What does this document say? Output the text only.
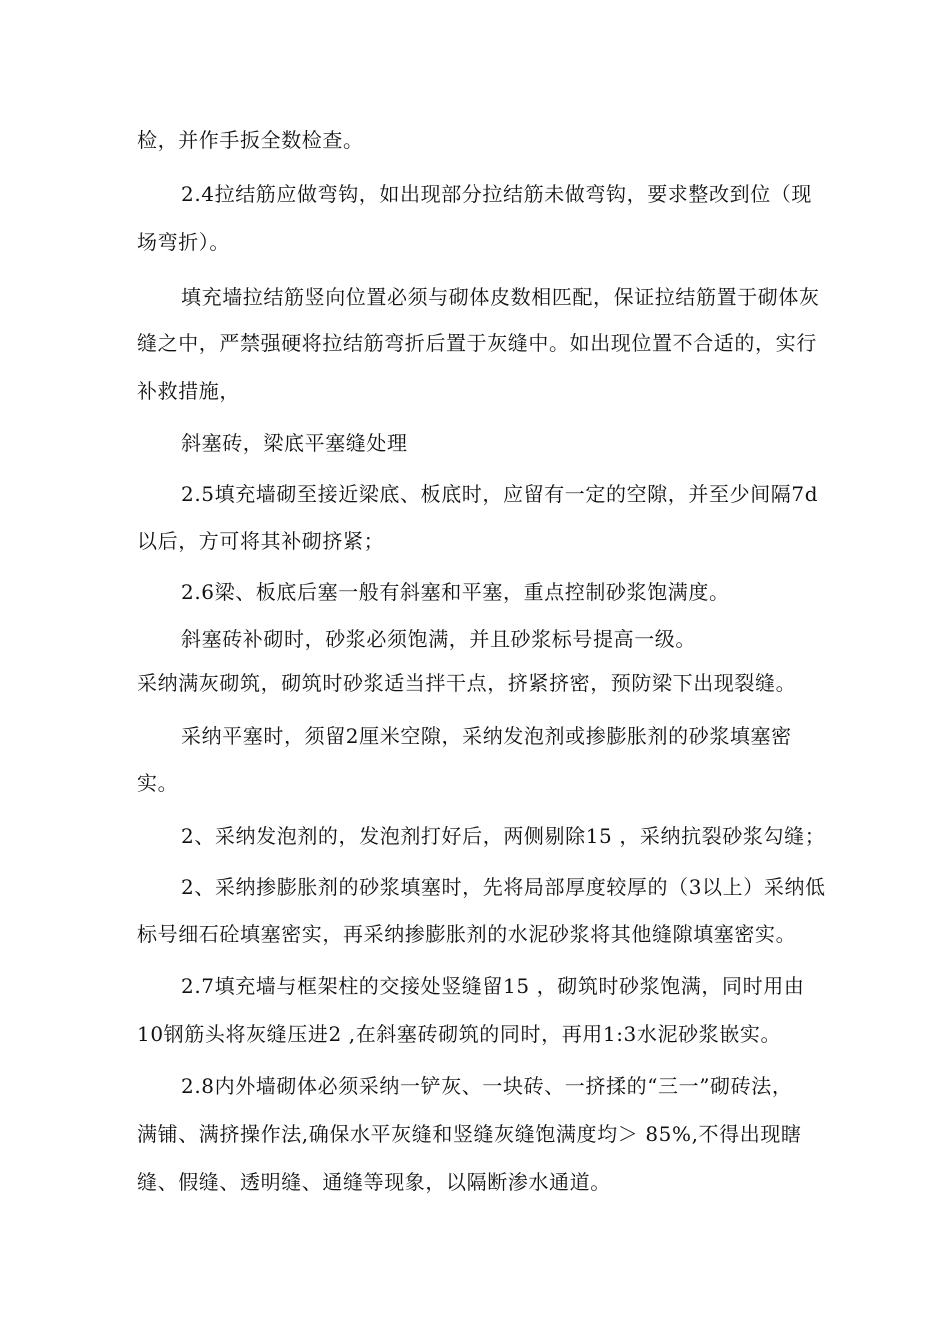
检，并作手扳全数检查。
2.4拉结筋应做弯钩，如出现部分拉结筋未做弯钩，要求整改到位（现
场弯折）。
填充墙拉结筋竖向位置必须与砌体皮数相匹配，保证拉结筋置于砌体灰
缝之中，严禁强硬将拉结筋弯折后置于灰缝中。如出现位置不合适的，实行
补救措施，
斜塞砖，梁底平塞缝处理
2.5填充墙砌至接近梁底、板底时，应留有一定的空隙，并至少间隔7d
以后，方可将其补砌挤紧；
2.6梁、板底后塞一般有斜塞和平塞，重点控制砂浆饱满度。
斜塞砖补砌时，砂浆必须饱满，并且砂浆标号提高一级。
采纳满灰砌筑，砌筑时砂浆适当拌干点，挤紧挤密，预防梁下出现裂缝。
采纳平塞时，须留2厘米空隙，采纳发泡剂或掺膨胀剂的砂浆填塞密
实。
2、采纳发泡剂的，发泡剂打好后，两侧剔除15 ，采纳抗裂砂浆勾缝；
2、采纳掺膨胀剂的砂浆填塞时，先将局部厚度较厚的（3以上）采纳低
标号细石砼填塞密实，再采纳掺膨胀剂的水泥砂浆将其他缝隙填塞密实。
2.7填充墙与框架柱的交接处竖缝留15 ，砌筑时砂浆饱满，同时用由
10钢筋头将灰缝压进2 ,在斜塞砖砌筑的同时，再用1:3水泥砂浆嵌实。
2.8内外墙砌体必须采纳一铲灰、一块砖、一挤揉的“三一”砌砖法，
满铺、满挤操作法,确保水平灰缝和竖缝灰缝饱满度均＞ 85%,不得出现瞎
缝、假缝、透明缝、通缝等现象，以隔断渗水通道。
